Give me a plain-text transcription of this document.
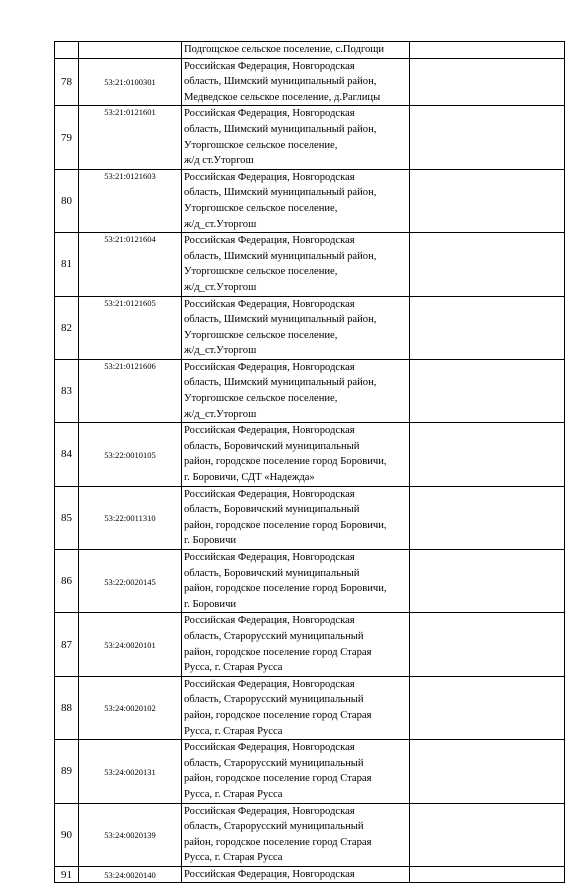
	Подгощское сельское поселение, с.Подгощи	
78	53:21:0100301	Российская Федерация, Новгородская
область, Шимский муниципальный район,
Медведское сельское поселение, д.Раглицы	
79	53:21:0121601	Российская Федерация, Новгородская
область, Шимский муниципальный район,
Уторгошское сельское поселение,
ж/д ст.Уторгош	
80	53:21:0121603	Российская Федерация, Новгородская
область, Шимский муниципальный район,
Уторгошское сельское поселение,
ж/д_ст.Уторгош	
81	53:21:0121604	Российская Федерация, Новгородская
область, Шимский муниципальный район,
Уторгошское сельское поселение,
ж/д_ст.Уторгош	
82	53:21:0121605	Российская Федерация, Новгородская
область, Шимский муниципальный район,
Уторгошское сельское поселение,
ж/д_ст.Уторгош	
83	53:21:0121606	Российская Федерация, Новгородская
область, Шимский муниципальный район,
Уторгошское сельское поселение,
ж/д_ст.Уторгош	
84	53:22:0010105	Российская Федерация, Новгородская
область, Боровичский муниципальный
район, городское поселение город Боровичи,
г. Боровичи, СДТ «Надежда»	
85	53:22:0011310	Российская Федерация, Новгородская
область, Боровичский муниципальный
район, городское поселение город Боровичи,
г. Боровичи	
86	53:22:0020145	Российская Федерация, Новгородская
область, Боровичский муниципальный
район, городское поселение город Боровичи,
г. Боровичи	
87	53:24:0020101	Российская Федерация, Новгородская
область, Старорусский муниципальный
район, городское поселение город Старая
Русса, г. Старая Русса	
88	53:24:0020102	Российская Федерация, Новгородская
область, Старорусский муниципальный
район, городское поселение город Старая
Русса, г. Старая Русса	
89	53:24:0020131	Российская Федерация, Новгородская
область, Старорусский муниципальный
район, городское поселение город Старая
Русса, г. Старая Русса	
90	53:24:0020139	Российская Федерация, Новгородская
область, Старорусский муниципальный
район, городское поселение город Старая
Русса, г. Старая Русса	
91	53:24:0020140	Российская Федерация, Новгородская	
